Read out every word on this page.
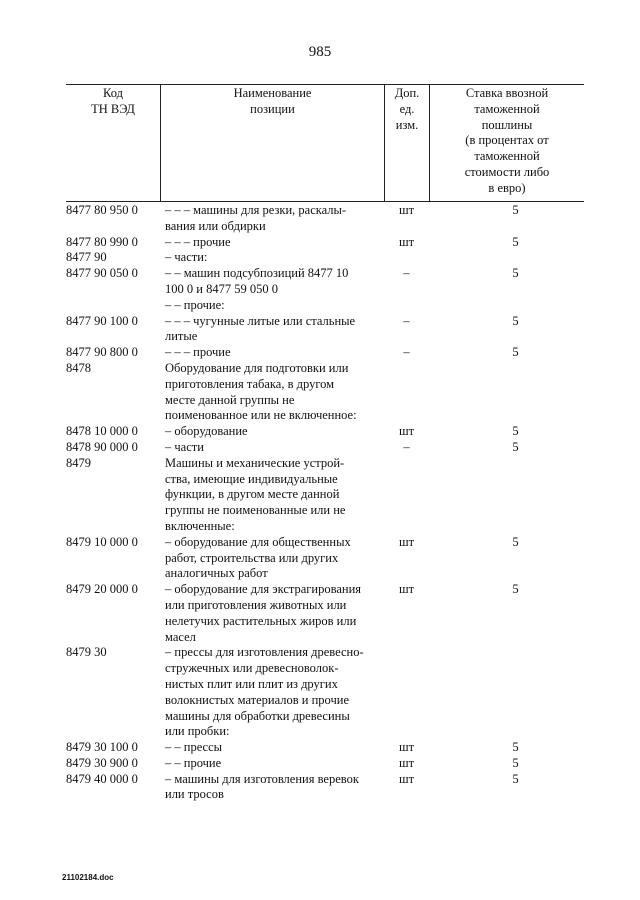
985
Код
ТН ВЭД
Наименование
позиции
Доп.
ед.
изм.
Ставка ввозной
таможенной
пошлины
(в процентах от
таможенной
стоимости либо
в евро)
8477 80 950 0	– – – машины для резки, раскалы-
вания или обдирки
шт	5
8477 80 990 0	– – – прочие	шт	5
8477 90	– части:
8477 90 050 0	– – машин подсубпозиций 8477 10
100 0 и 8477 59 050 0
–	5
– – прочие:
8477 90 100 0	– – – чугунные литые или стальные
литые
–	5
8477 90 800 0	– – – прочие	–	5
8478	Оборудование для подготовки или
приготовления табака, в другом
месте данной группы не
поименованное или не включенное:
8478 10 000 0	– оборудование	шт	5
8478 90 000 0	– части	–	5
8479	Машины и механические устрой-
ства, имеющие индивидуальные
функции, в другом месте данной
группы не поименованные или не
включенные:
8479 10 000 0	– оборудование для общественных
работ, строительства или других
аналогичных работ
шт	5
8479 20 000 0	– оборудование для экстрагирования
или приготовления животных или
нелетучих растительных жиров или
масел
шт	5
8479 30	– прессы для изготовления древесно-
стружечных или древесноволок-
нистых плит или плит из других
волокнистых материалов и прочие
машины для обработки древесины
или пробки:
8479 30 100 0	– – прессы	шт	5
8479 30 900 0	– – прочие	шт	5
8479 40 000 0	– машины для изготовления веревок
или тросов
шт	5
21102184.doc
